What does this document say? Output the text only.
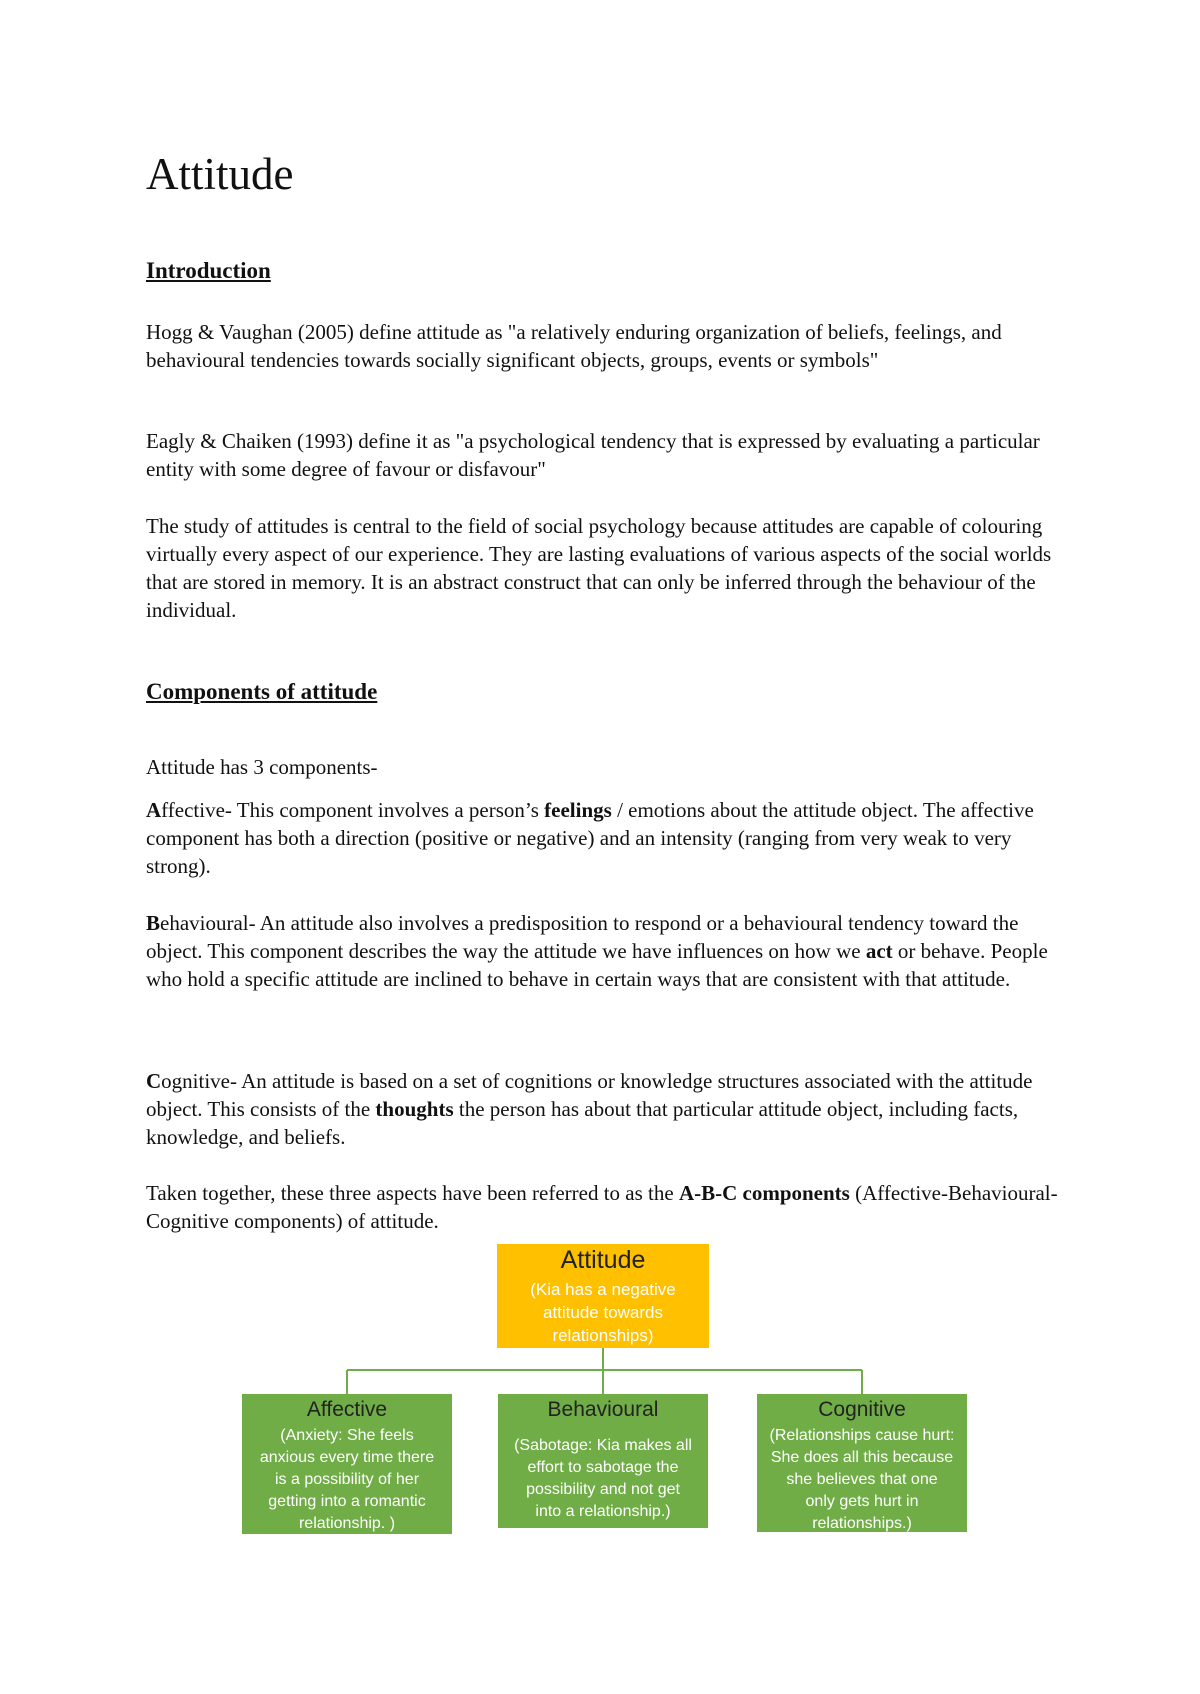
Attitude
Introduction

Hogg & Vaughan (2005) define attitude as "a relatively enduring organization of beliefs, feelings, and behavioural tendencies towards socially significant objects, groups, events or symbols"

Eagly & Chaiken (1993) define it as "a psychological tendency that is expressed by evaluating a particular entity with some degree of favour or disfavour"

The study of attitudes is central to the field of social psychology because attitudes are capable of colouring virtually every aspect of our experience. They are lasting evaluations of various aspects of the social worlds that are stored in memory. It is an abstract construct that can only be inferred through the behaviour of the individual.

Components of attitude

Attitude has 3 components-

Affective- This component involves a person’s feelings / emotions about the attitude object. The affective component has both a direction (positive or negative) and an intensity (ranging from very weak to very strong).

Behavioural- An attitude also involves a predisposition to respond or a behavioural tendency toward the object. This component describes the way the attitude we have influences on how we act or behave. People who hold a specific attitude are inclined to behave in certain ways that are consistent with that attitude.

Cognitive- An attitude is based on a set of cognitions or knowledge structures associated with the attitude object. This consists of the thoughts the person has about that particular attitude object, including facts, knowledge, and beliefs.

Taken together, these three aspects have been referred to as the A-B-C components (Affective-Behavioural- Cognitive components) of attitude.

Attitude
(Kia has a negative
attitude towards
relationships)
Affective
(Anxiety: She feels
anxious every time there
is a possibility of her
getting into a romantic
relationship. )
Behavioural
(Sabotage: Kia makes all
effort to sabotage the
possibility and not get
into a relationship.)
Cognitive
(Relationships cause hurt:
She does all this because
she believes that one
only gets hurt in
relationships.)
